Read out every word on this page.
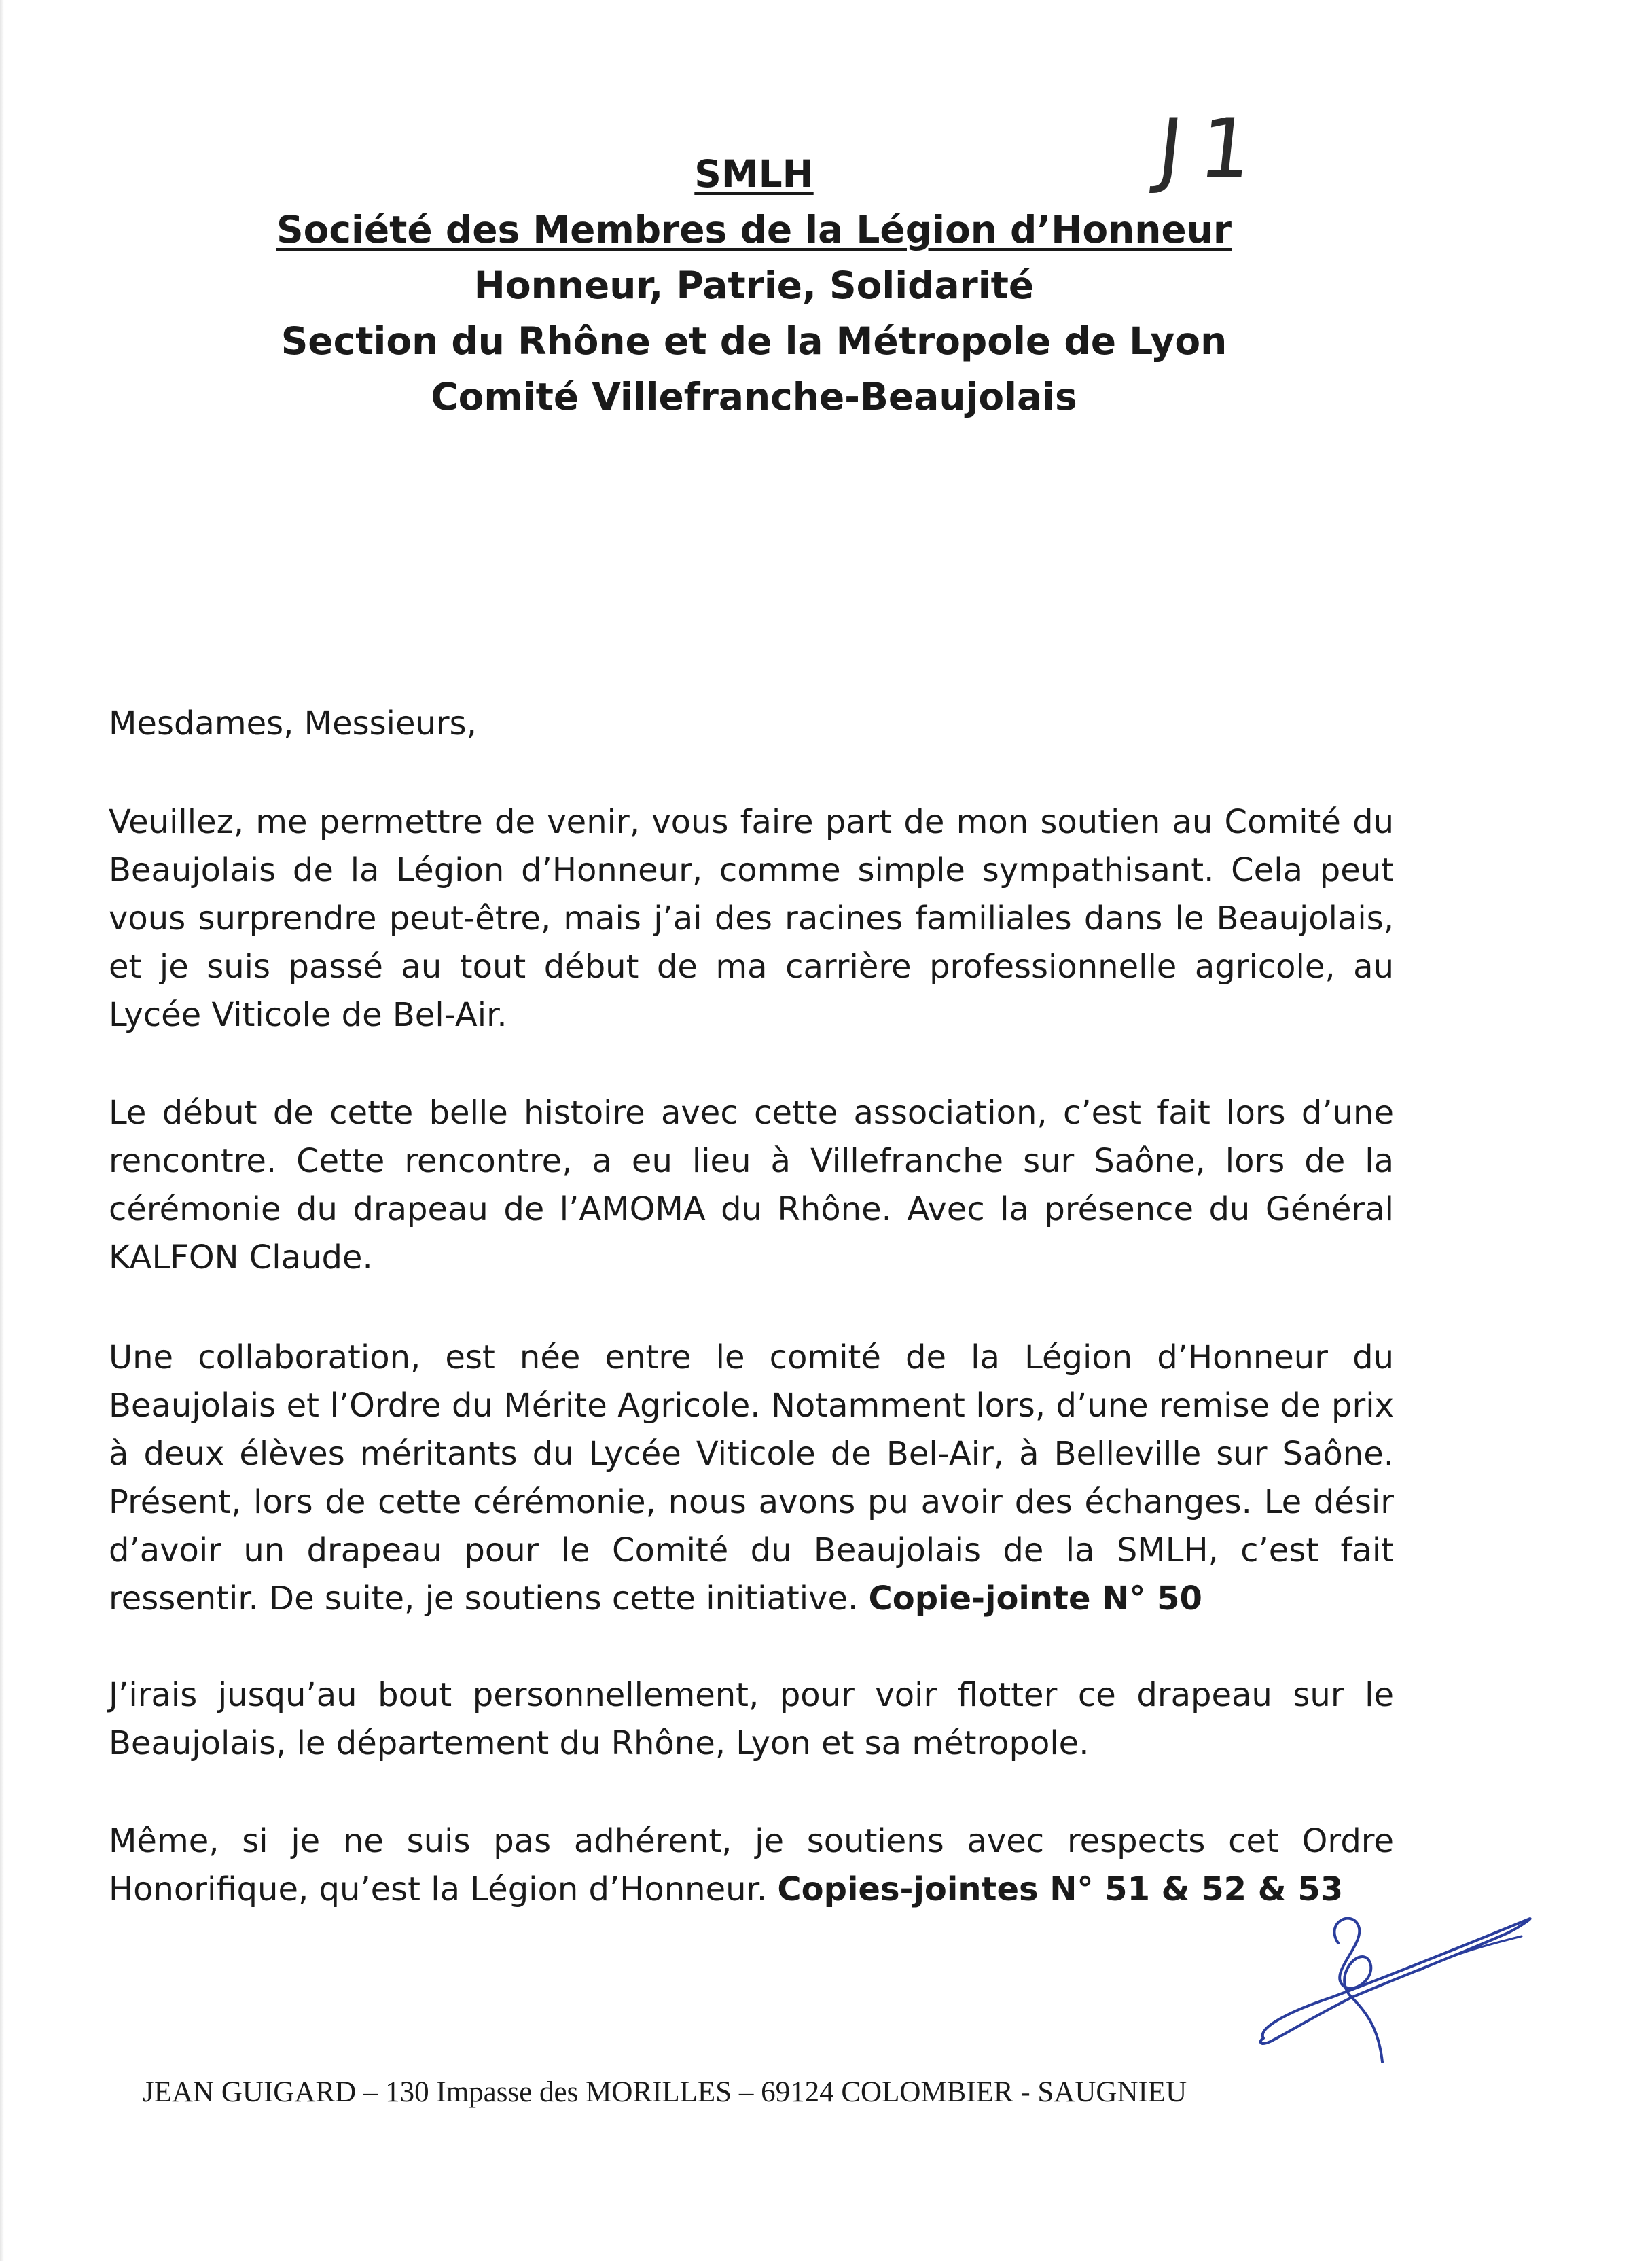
J1
SMLH
Société des Membres de la Légion d’Honneur
Honneur, Patrie, Solidarité
Section du Rhône et de la Métropole de Lyon
Comité Villefranche-Beaujolais

Mesdames, Messieurs,

Veuillez, me permettre de venir, vous faire part de mon soutien au Comité du Beaujolais de la Légion d’Honneur, comme simple sympathisant. Cela peut vous surprendre peut-être, mais j’ai des racines familiales dans le Beaujolais, et je suis passé au tout début de ma carrière professionnelle agricole, au Lycée Viticole de Bel-Air.

Le début de cette belle histoire avec cette association, c’est fait lors d’une rencontre. Cette rencontre, a eu lieu à Villefranche sur Saône, lors de la cérémonie du drapeau de l’AMOMA du Rhône. Avec la présence du Général KALFON Claude.

Une collaboration, est née entre le comité de la Légion d’Honneur du Beaujolais et l’Ordre du Mérite Agricole. Notamment lors, d’une remise de prix à deux élèves méritants du Lycée Viticole de Bel-Air, à Belleville sur Saône. Présent, lors de cette cérémonie, nous avons pu avoir des échanges. Le désir d’avoir un drapeau pour le Comité du Beaujolais de la SMLH, c’est fait ressentir. De suite, je soutiens cette initiative. Copie-jointe N° 50

J’irais jusqu’au bout personnellement, pour voir flotter ce drapeau sur le Beaujolais, le département du Rhône, Lyon et sa métropole.

Même, si je ne suis pas adhérent, je soutiens avec respects cet Ordre Honorifique, qu’est la Légion d’Honneur. Copies-jointes N° 51 & 52 & 53

JEAN GUIGARD – 130 Impasse des MORILLES – 69124 COLOMBIER - SAUGNIEU
